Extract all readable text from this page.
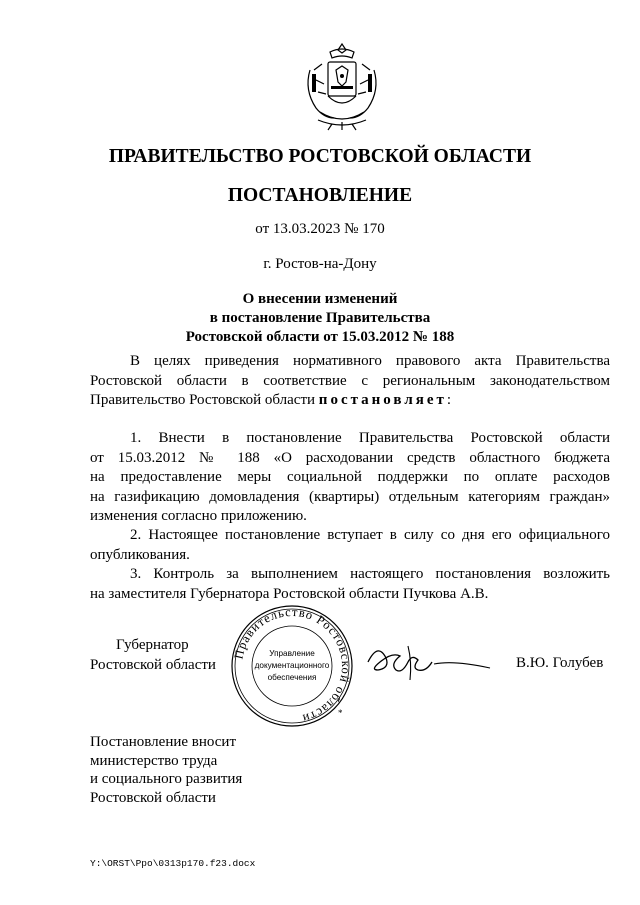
ПРАВИТЕЛЬСТВО РОСТОВСКОЙ ОБЛАСТИ
ПОСТАНОВЛЕНИЕ
от 13.03.2023 № 170
г. Ростов-на-Дону
О внесении изменений
в постановление Правительства
Ростовской области от 15.03.2012 № 188
В целях приведения нормативного правового акта Правительства
Ростовской области в соответствие с региональным законодательством
Правительство Ростовской области постановляет:
1. Внести в постановление Правительства Ростовской области
от 15.03.2012 № 188 «О расходовании средств областного бюджета
на предоставление меры социальной поддержки по оплате расходов
на газификацию домовладения (квартиры) отдельным категориям граждан»
изменения согласно приложению.
2. Настоящее постановление вступает в силу со дня его официального
опубликования.
3. Контроль за выполнением настоящего постановления возложить
на заместителя Губернатора Ростовской области Пучкова А.В.
Губернатор
Ростовской области
Правительство Ростовской области	*
Управление
документационного
обеспечения
В.Ю. Голубев
Постановление вносит
министерство труда
и социального развития
Ростовской области
Y:\ORST\Ppo\0313p170.f23.docx
